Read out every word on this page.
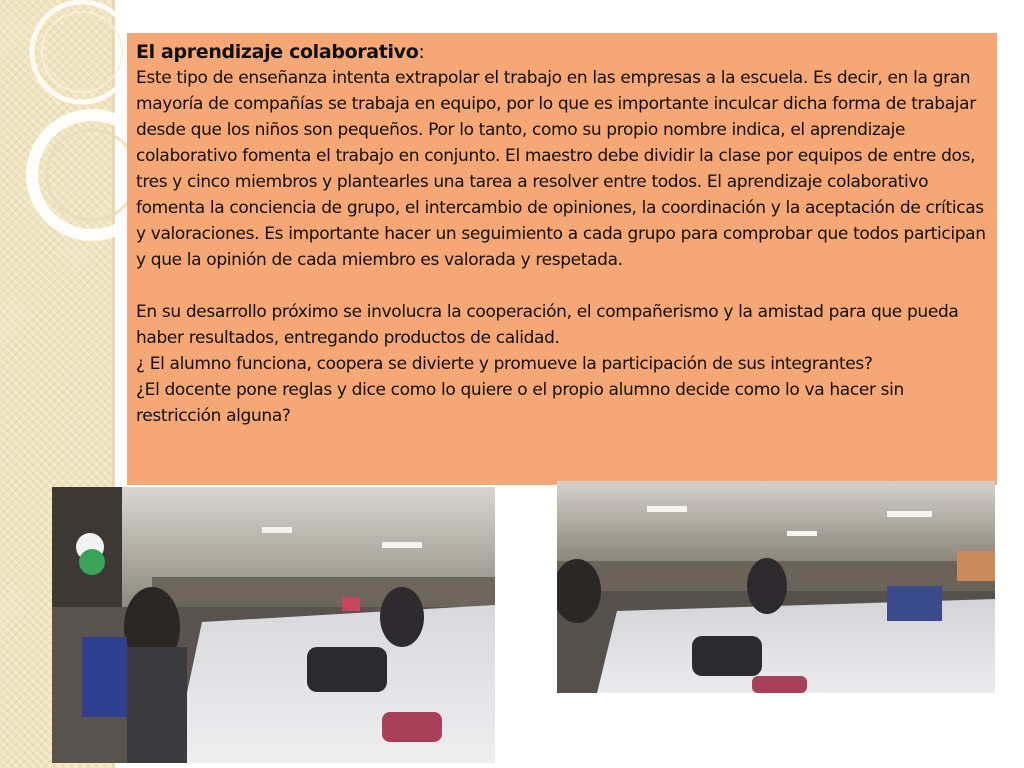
El aprendizaje colaborativo:

Este tipo de enseñanza intenta extrapolar el trabajo en las empresas a la escuela. Es decir, en la gran mayoría de compañías se trabaja en equipo, por lo que es importante inculcar dicha forma de trabajar desde que los niños son pequeños. Por lo tanto, como su propio nombre indica, el aprendizaje colaborativo fomenta el trabajo en conjunto. El maestro debe dividir la clase por equipos de entre dos, tres y cinco miembros y plantearles una tarea a resolver entre todos. El aprendizaje colaborativo fomenta la conciencia de grupo, el intercambio de opiniones, la coordinación y la aceptación de críticas y valoraciones. Es importante hacer un seguimiento a cada grupo para comprobar que todos participan y que la opinión de cada miembro es valorada y respetada.

En su desarrollo próximo se involucra la cooperación, el compañerismo y la amistad para que pueda haber resultados, entregando productos de calidad.

¿ El alumno funciona, coopera se divierte y promueve la participación de sus integrantes?

¿El docente pone reglas y dice como lo quiere o el propio alumno decide como lo va hacer sin restricción alguna?
